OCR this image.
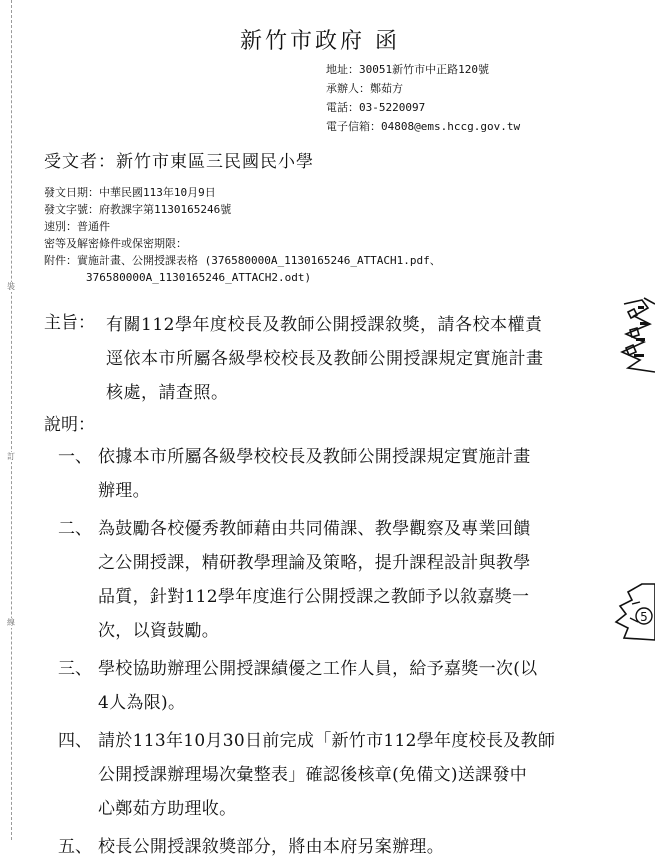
裝
訂
線
新竹市政府 函
地址：30051新竹市中正路120號
承辦人：鄭茹方
電話：03-5220097
電子信箱：04808@ems.hccg.gov.tw
受文者：新竹市東區三民國民小學
發文日期：中華民國113年10月9日
發文字號：府教課字第1130165246號
速別：普通件
密等及解密條件或保密期限：
附件：實施計畫、公開授課表格 (376580000A_1130165246_ATTACH1.pdf、
376580000A_1130165246_ATTACH2.odt)
主旨： 有關112學年度校長及教師公開授課敘獎，請各校本權責
逕依本市所屬各級學校校長及教師公開授課規定實施計畫
核處，請查照。
說明：
一、 依據本市所屬各級學校校長及教師公開授課規定實施計畫
辦理。
二、 為鼓勵各校優秀教師藉由共同備課、教學觀察及專業回饋
之公開授課，精研教學理論及策略，提升課程設計與教學
品質，針對112學年度進行公開授課之教師予以敘嘉獎一
次，以資鼓勵。
三、 學校協助辦理公開授課績優之工作人員，給予嘉獎一次(以
4人為限)。
四、 請於113年10月30日前完成「新竹市112學年度校長及教師
公開授課辦理場次彙整表」確認後核章(免備文)送課發中
心鄭茹方助理收。
五、 校長公開授課敘獎部分，將由本府另案辦理。
5
